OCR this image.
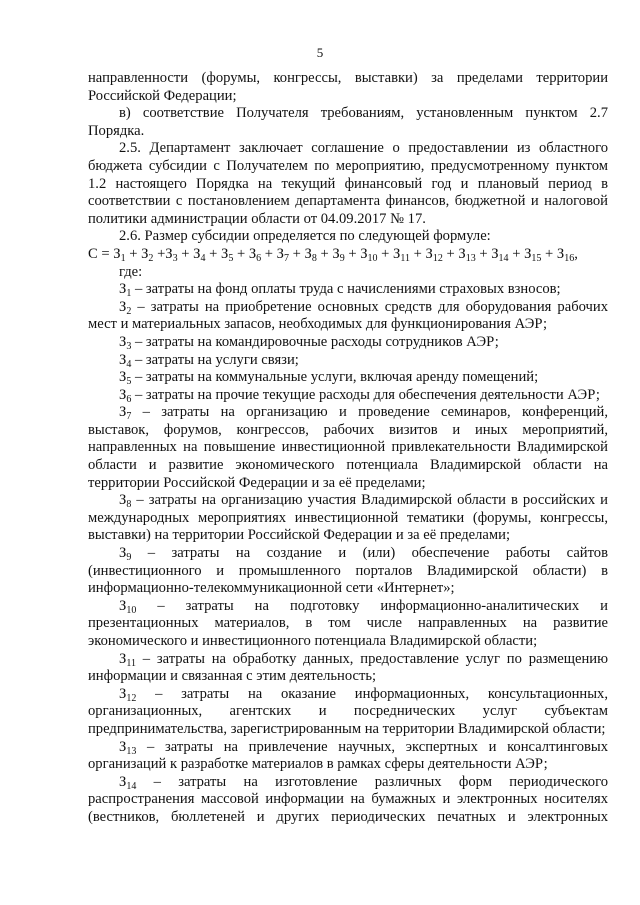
5

направленности (форумы, конгрессы, выставки) за пределами территории Российской Федерации;

в) соответствие Получателя требованиям, установленным пунктом 2.7 Порядка.

2.5. Департамент заключает соглашение о предоставлении из областного бюджета субсидии с Получателем по мероприятию, предусмотренному пунктом 1.2 настоящего Порядка на текущий финансовый год и плановый период в соответствии с постановлением департамента финансов, бюджетной и налоговой политики администрации области от 04.09.2017 № 17.

2.6. Размер субсидии определяется по следующей формуле:

$С = З_1 + З_2 +З_3 + З_4 + З_5 + З_6 + З_7 + З_8 + З_9 + З_{10} + З_{11} + З_{12} + З_{13} + З_{14} + З_{15} + З_{16}$,

где:

$З_1$ – затраты на фонд оплаты труда с начислениями страховых взносов;

$З_2$ – затраты на приобретение основных средств для оборудования рабочих мест и материальных запасов, необходимых для функционирования АЭР;

$З_3$ – затраты на командировочные расходы сотрудников АЭР;

$З_4$ – затраты на услуги связи;

$З_5$ – затраты на коммунальные услуги, включая аренду помещений;

$З_6$ – затраты на прочие текущие расходы для обеспечения деятельности АЭР;

$З_7$ – затраты на организацию и проведение семинаров, конференций, выставок, форумов, конгрессов, рабочих визитов и иных мероприятий, направленных на повышение инвестиционной привлекательности Владимирской области и развитие экономического потенциала Владимирской области на территории Российской Федерации и за её пределами;

$З_8$ – затраты на организацию участия Владимирской области в российских и международных мероприятиях инвестиционной тематики (форумы, конгрессы, выставки) на территории Российской Федерации и за её пределами;

$З_9$ – затраты на создание и (или) обеспечение работы сайтов (инвестиционного и промышленного порталов Владимирской области) в информационно-телекоммуникационной сети «Интернет»;

$З_{10}$ – затраты на подготовку информационно-аналитических и презентационных материалов, в том числе направленных на развитие экономического и инвестиционного потенциала Владимирской области;

$З_{11}$ – затраты на обработку данных, предоставление услуг по размещению информации и связанная с этим деятельность;

$З_{12}$ – затраты на оказание информационных, консультационных, организационных, агентских и посреднических услуг субъектам предпринимательства, зарегистрированным на территории Владимирской области;

$З_{13}$ – затраты на привлечение научных, экспертных и консалтинговых организаций к разработке материалов в рамках сферы деятельности АЭР;

$З_{14}$ – затраты на изготовление различных форм периодического распространения массовой информации на бумажных и электронных носителях (вестников, бюллетеней и других периодических печатных и электронных
